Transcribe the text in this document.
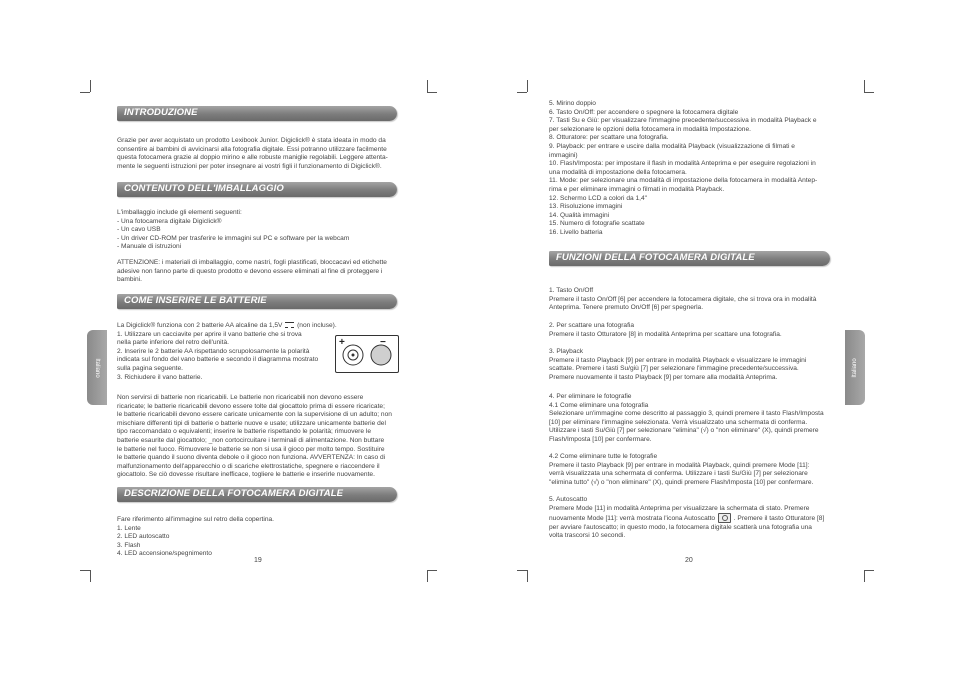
INTRODUZIONE

Grazie per aver acquistato un prodotto Lexibook Junior. Digiclick® è stata ideata in modo da

consentire ai bambini di avvicinarsi alla fotografia digitale. Essi potranno utilizzare facilmente

questa fotocamera grazie al doppio mirino e alle robuste maniglie regolabili. Leggere attenta-

mente le seguenti istruzioni per poter insegnare ai vostri figli il funzionamento di Digiclick®.

CONTENUTO DELL'IMBALLAGGIO

L'imballaggio include gli elementi seguenti:

- Una fotocamera digitale Digiclick®

- Un cavo USB

- Un driver CD-ROM per trasferire le immagini sul PC e software per la webcam

- Manuale di istruzioni

ATTENZIONE: i materiali di imballaggio, come nastri, fogli plastificati, bloccacavi ed etichette

adesive non fanno parte di questo prodotto e devono essere eliminati al fine di proteggere i

bambini.

COME INSERIRE LE BATTERIE

La Digiclick® funziona con 2 batterie AA alcaline da 1,5V (non incluse).

1. Utilizzare un cacciavite per aprire il vano batterie che si trova

nella parte inferiore del retro dell'unità.

2. Inserire le 2 batterie AA rispettando scrupolosamente la polarità

indicata sul fondo del vano batterie e secondo il diagramma mostrato

sulla pagina seguente.

3. Richiudere il vano batterie.

+	−

Non servirsi di batterie non ricaricabili. Le batterie non ricaricabili non devono essere

ricaricate; le batterie ricaricabili devono essere tolte dal giocattolo prima di essere ricaricate;

le batterie ricaricabili devono essere caricate unicamente con la supervisione di un adulto; non

mischiare differenti tipi di batterie o batterie nuove e usate; utilizzare unicamente batterie del

tipo raccomandato o equivalenti; inserire le batterie rispettando le polarità; rimuovere le

batterie esaurite dal giocattolo; _non cortocircuitare i terminali di alimentazione. Non buttare

le batterie nel fuoco. Rimuovere le batterie se non si usa il gioco per molto tempo. Sostituire

le batterie quando il suono diventa debole o il gioco non funziona. AVVERTENZA: In caso di

malfunzionamento dell'apparecchio o di scariche elettrostatiche, spegnere e riaccendere il

giocattolo. Se ciò dovesse risultare inefficace, togliere le batterie e inserirle nuovamente.

DESCRIZIONE DELLA FOTOCAMERA DIGITALE

Fare riferimento all'immagine sul retro della copertina.

1. Lente

2. LED autoscatto

3. Flash

4. LED accensione/spegnimento

19
Italiano

5. Mirino doppio

6. Tasto On/Off: per accendere o spegnere la fotocamera digitale

7. Tasti Su e Giù: per visualizzare l'immagine precedente/successiva in modalità Playback e

per selezionare le opzioni della fotocamera in modalità Impostazione.

8. Otturatore: per scattare una fotografia.

9. Playback: per entrare e uscire dalla modalità Playback (visualizzazione di filmati e

immagini)

10. Flash/Imposta: per impostare il flash in modalità Anteprima e per eseguire regolazioni in

una modalità di impostazione della fotocamera.

11. Mode: per selezionare una modalità di impostazione della fotocamera in modalità Antep-

rima e per eliminare immagini o filmati in modalità Playback.

12. Schermo LCD a colori da 1,4"

13. Risoluzione immagini

14. Qualità immagini

15. Numero di fotografie scattate

16. Livello batteria

FUNZIONI DELLA FOTOCAMERA DIGITALE

1. Tasto On/Off

Premere il tasto On/Off [6] per accendere la fotocamera digitale, che si trova ora in modalità

Anteprima. Tenere premuto On/Off [6] per spegnerla.

2. Per scattare una fotografia

Premere il tasto Otturatore [8] in modalità Anteprima per scattare una fotografia.

3. Playback

Premere il tasto Playback [9] per entrare in modalità Playback e visualizzare le immagini

scattate. Premere i tasti Su/giù [7] per selezionare l'immagine precedente/successiva.

Premere nuovamente il tasto Playback [9] per tornare alla modalità Anteprima.

4. Per eliminare le fotografie

4.1 Come eliminare una fotografia

Selezionare un'immagine come descritto al passaggio 3, quindi premere il tasto Flash/Imposta

[10] per eliminare l'immagine selezionata. Verrà visualizzato una schermata di conferma.

Utilizzare i tasti Su/Giù [7] per selezionare "elimina" (√) o "non eliminare" (X), quindi premere

Flash/Imposta [10] per confermare.

4.2 Come eliminare tutte le fotografie

Premere il tasto Playback [9] per entrare in modalità Playback, quindi premere Mode [11]:

verrà visualizzata una schermata di conferma. Utilizzare i tasti Su/Giù [7] per selezionare

"elimina tutto" (√) o "non eliminare" (X), quindi premere Flash/Imposta [10] per confermare.

5. Autoscatto

Premere Mode [11] in modalità Anteprima per visualizzare la schermata di stato. Premere

nuovamente Mode [11]: verrà mostrata l'icona Autoscatto	. Premere il tasto Otturatore [8]

per avviare l'autoscatto; in questo modo, la fotocamera digitale scatterà una fotografia una

volta trascorsi 10 secondi.

20
Italiano
